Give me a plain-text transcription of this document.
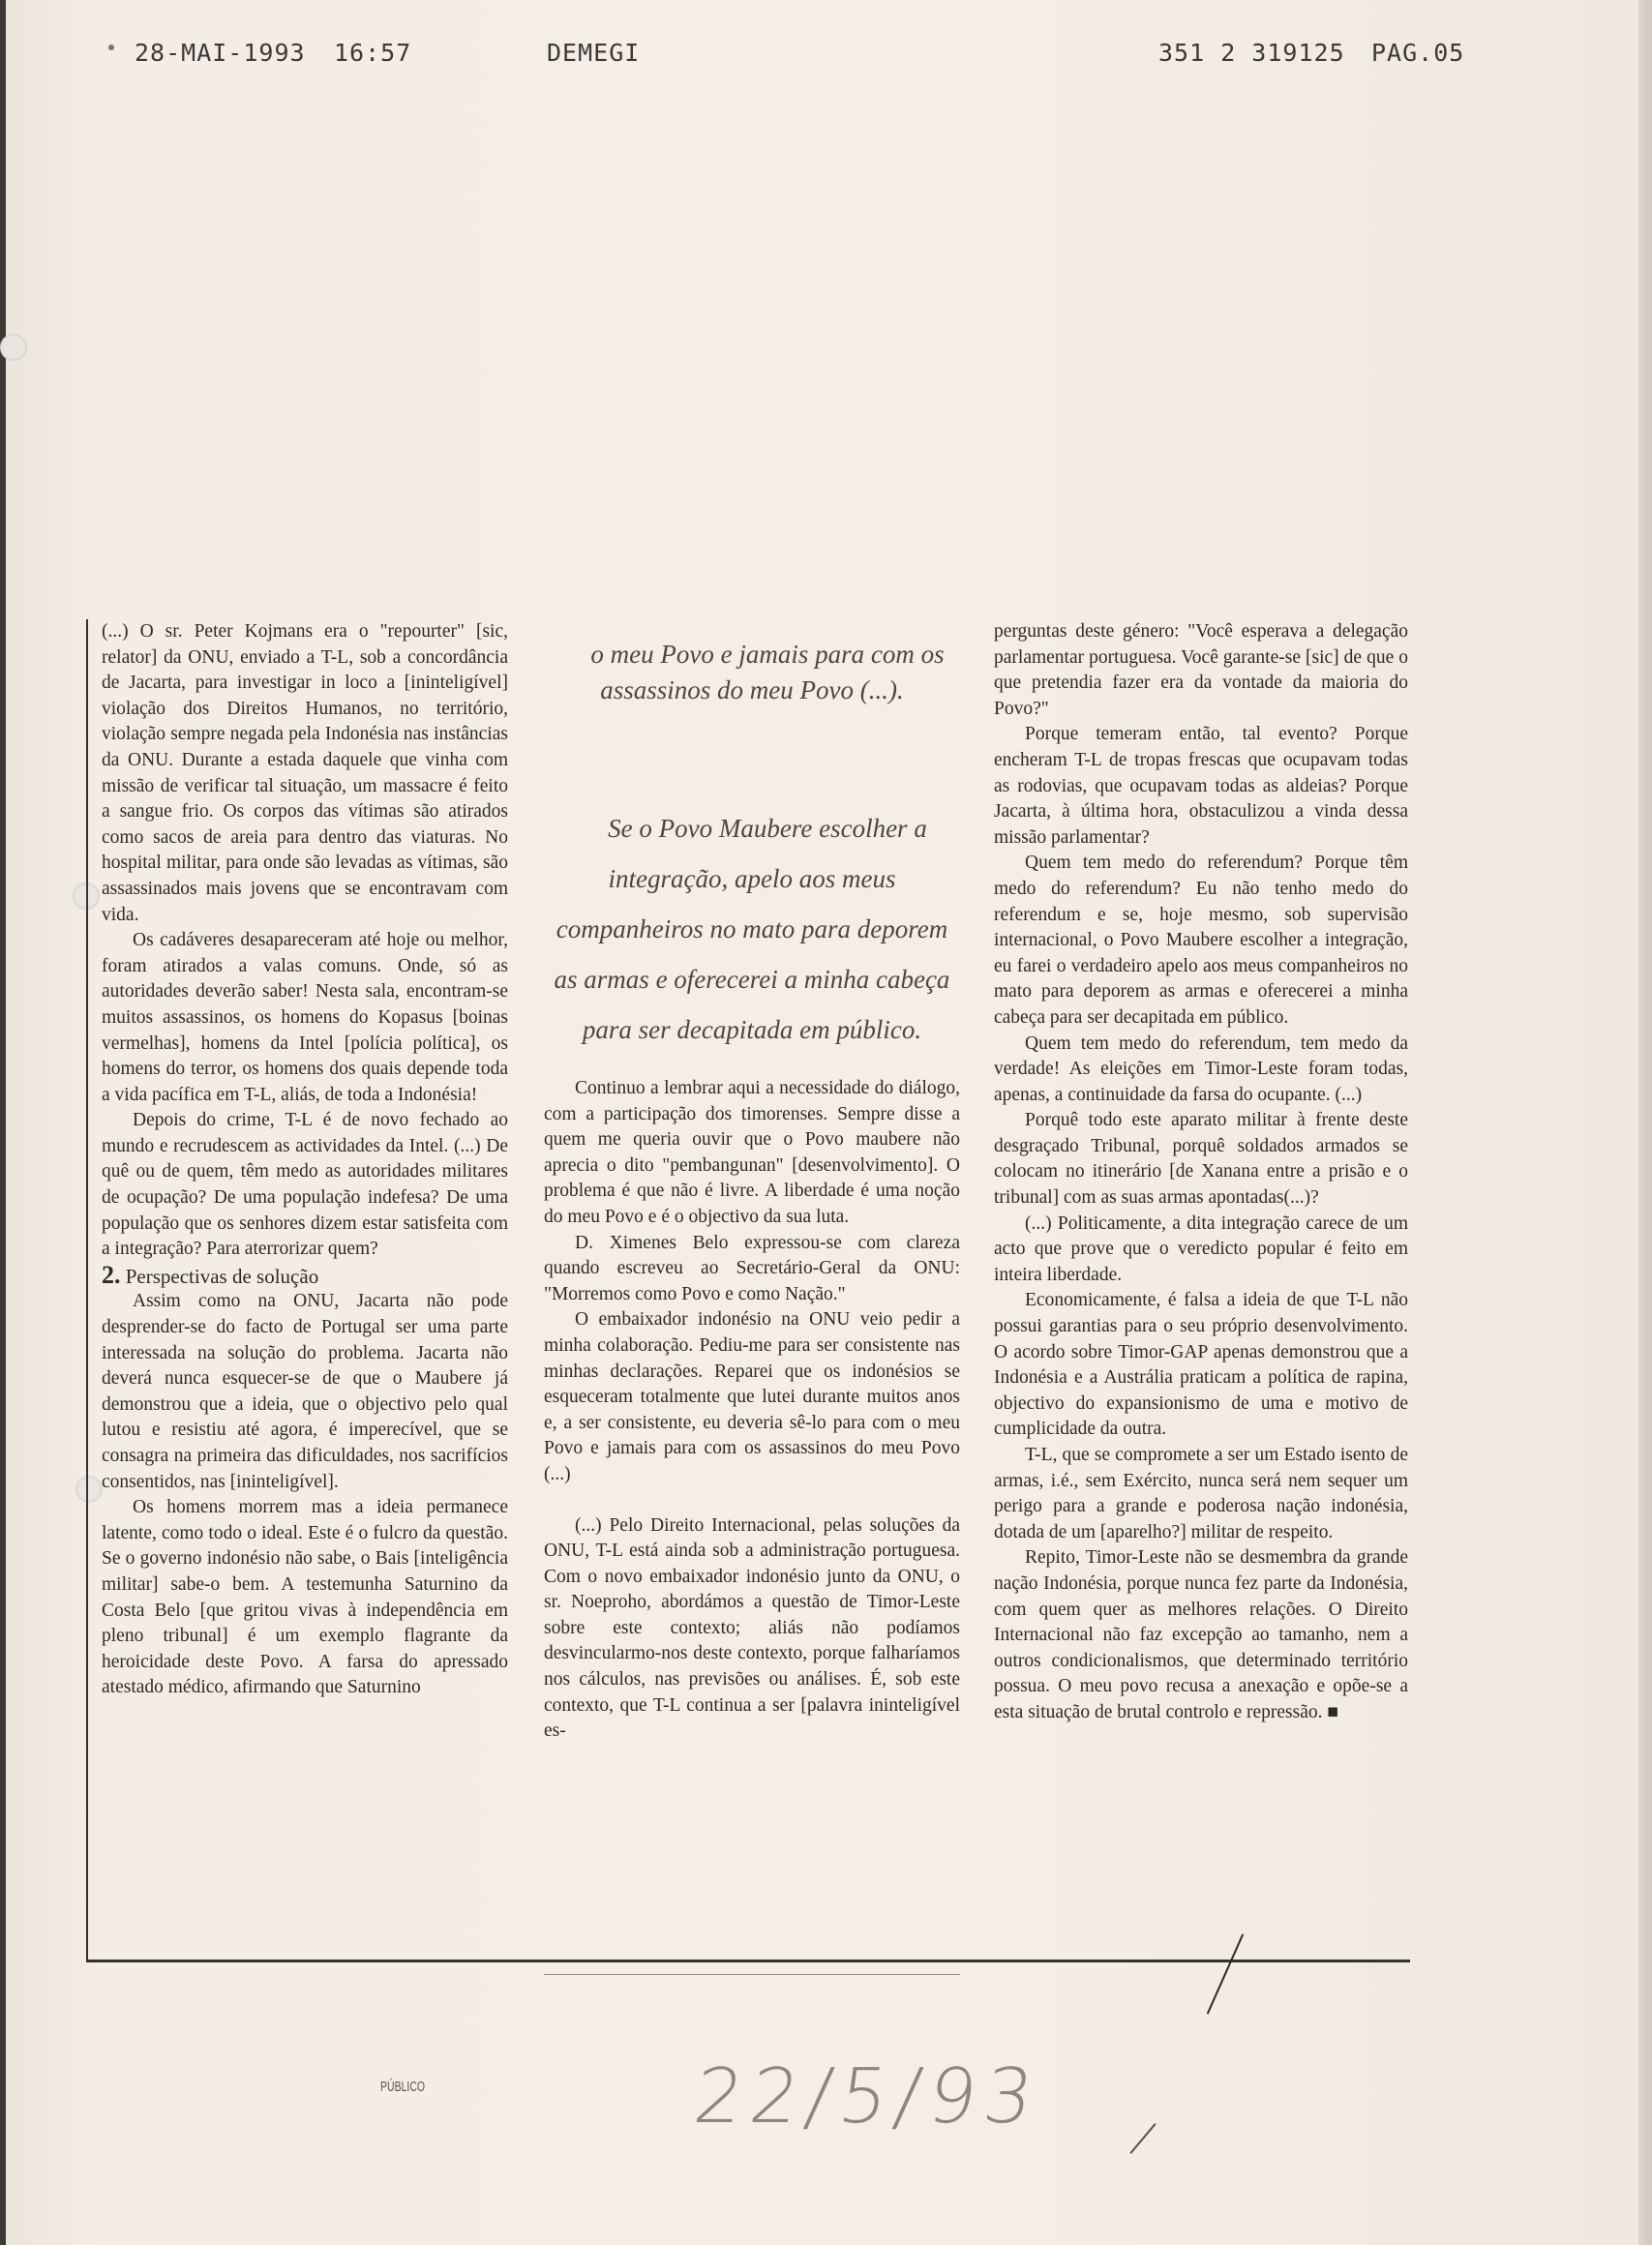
28-MAI-1993 16:57	DEMEGI	351 2 319125 PAG.05

(...) O sr. Peter Kojmans era o "repourter" [sic, relator] da ONU, enviado a T-L, sob a concordância de Jacarta, para investigar in loco a [ininteligível] violação dos Direitos Humanos, no território, violação sempre negada pela Indonésia nas instâncias da ONU. Durante a estada daquele que vinha com missão de verificar tal situação, um massacre é feito a sangue frio. Os corpos das vítimas são atirados como sacos de areia para dentro das viaturas. No hospital militar, para onde são levadas as vítimas, são assassinados mais jovens que se encontravam com vida.

Os cadáveres desapareceram até hoje ou melhor, foram atirados a valas comuns. Onde, só as autoridades deverão saber! Nesta sala, encontram-se muitos assassinos, os homens do Kopasus [boinas vermelhas], homens da Intel [polícia política], os homens do terror, os homens dos quais depende toda a vida pacífica em T-L, aliás, de toda a Indonésia!

Depois do crime, T-L é de novo fechado ao mundo e recrudescem as actividades da Intel. (...) De quê ou de quem, têm medo as autoridades militares de ocupação? De uma população indefesa? De uma população que os senhores dizem estar satisfeita com a integração? Para aterrorizar quem?

2. Perspectivas de solução

Assim como na ONU, Jacarta não pode desprender-se do facto de Portugal ser uma parte interessada na solução do problema. Jacarta não deverá nunca esquecer-se de que o Maubere já demonstrou que a ideia, que o objectivo pelo qual lutou e resistiu até agora, é imperecível, que se consagra na primeira das dificuldades, nos sacrifícios consentidos, nas [ininteligível].

Os homens morrem mas a ideia permanece latente, como todo o ideal. Este é o fulcro da questão. Se o governo indonésio não sabe, o Bais [inteligência militar] sabe-o bem. A testemunha Saturnino da Costa Belo [que gritou vivas à independência em pleno tribunal] é um exemplo flagrante da heroicidade deste Povo. A farsa do apressado atestado médico, afirmando que Saturnino

o meu Povo e jamais para com os assassinos do meu Povo (...).

Se o Povo Maubere escolher a integração, apelo aos meus companheiros no mato para deporem as armas e oferecerei a minha cabeça para ser decapitada em público.

Continuo a lembrar aqui a necessidade do diálogo, com a participação dos timorenses. Sempre disse a quem me queria ouvir que o Povo maubere não aprecia o dito "pembangunan" [desenvolvimento]. O problema é que não é livre. A liberdade é uma noção do meu Povo e é o objectivo da sua luta.

D. Ximenes Belo expressou-se com clareza quando escreveu ao Secretário-Geral da ONU: "Morremos como Povo e como Nação."

O embaixador indonésio na ONU veio pedir a minha colaboração. Pediu-me para ser consistente nas minhas declarações. Reparei que os indonésios se esqueceram totalmente que lutei durante muitos anos e, a ser consistente, eu deveria sê-lo para com o meu Povo e jamais para com os assassinos do meu Povo (...)

(...) Pelo Direito Internacional, pelas soluções da ONU, T-L está ainda sob a administração portuguesa. Com o novo embaixador indonésio junto da ONU, o sr. Noeproho, abordámos a questão de Timor-Leste sobre este contexto; aliás não podíamos desvincularmo-nos deste contexto, porque falharíamos nos cálculos, nas previsões ou análises. É, sob este contexto, que T-L continua a ser [palavra ininteligível es-

perguntas deste género: "Você esperava a delegação parlamentar portuguesa. Você garante-se [sic] de que o que pretendia fazer era da vontade da maioria do Povo?"

Porque temeram então, tal evento? Porque encheram T-L de tropas frescas que ocupavam todas as rodovias, que ocupavam todas as aldeias? Porque Jacarta, à última hora, obstaculizou a vinda dessa missão parlamentar?

Quem tem medo do referendum? Porque têm medo do referendum? Eu não tenho medo do referendum e se, hoje mesmo, sob supervisão internacional, o Povo Maubere escolher a integração, eu farei o verdadeiro apelo aos meus companheiros no mato para deporem as armas e oferecerei a minha cabeça para ser decapitada em público.

Quem tem medo do referendum, tem medo da verdade! As eleições em Timor-Leste foram todas, apenas, a continuidade da farsa do ocupante. (...)

Porquê todo este aparato militar à frente deste desgraçado Tribunal, porquê soldados armados se colocam no itinerário [de Xanana entre a prisão e o tribunal] com as suas armas apontadas(...)?

(...) Politicamente, a dita integração carece de um acto que prove que o veredicto popular é feito em inteira liberdade.

Economicamente, é falsa a ideia de que T-L não possui garantias para o seu próprio desenvolvimento. O acordo sobre Timor-GAP apenas demonstrou que a Indonésia e a Austrália praticam a política de rapina, objectivo do expansionismo de uma e motivo de cumplicidade da outra.

T-L, que se compromete a ser um Estado isento de armas, i.é., sem Exército, nunca será nem sequer um perigo para a grande e poderosa nação indonésia, dotada de um [aparelho?] militar de respeito.

Repito, Timor-Leste não se desmembra da grande nação Indonésia, porque nunca fez parte da Indonésia, com quem quer as melhores relações. O Direito Internacional não faz excepção ao tamanho, nem a outros condicionalismos, que determinado território possua. O meu povo recusa a anexação e opõe-se a esta situação de brutal controlo e repressão. ■

PÚBLICO	22/5/93
